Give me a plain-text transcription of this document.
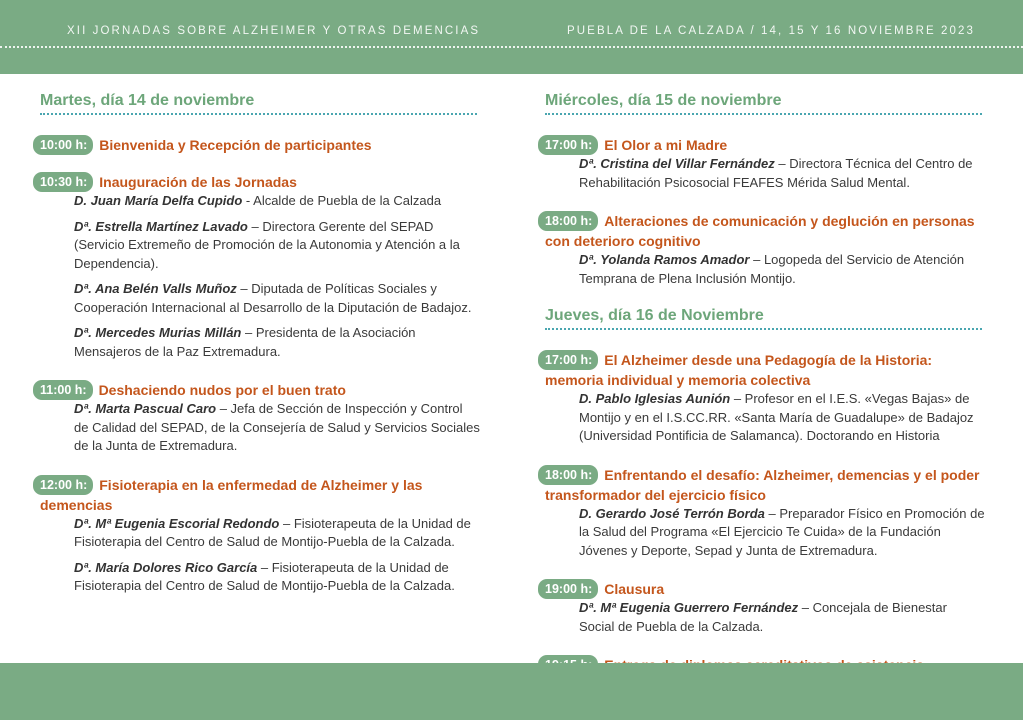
XII JORNADAS SOBRE ALZHEIMER Y OTRAS DEMENCIAS	PUEBLA DE LA CALZADA / 14, 15 Y 16 NOVIEMBRE 2023
Martes, día 14 de noviembre
10:00 h: Bienvenida y Recepción de participantes
10:30 h: Inauguración de las Jornadas
D. Juan María Delfa Cupido - Alcalde de Puebla de la Calzada
Dª. Estrella Martínez Lavado – Directora Gerente del SEPAD (Servicio Extremeño de Promoción de la Autonomia y Atención a la Dependencia).
Dª. Ana Belén Valls Muñoz – Diputada de Políticas Sociales y Cooperación Internacional al Desarrollo de la Diputación de Badajoz.
Dª. Mercedes Murias Millán – Presidenta de la Asociación Mensajeros de la Paz Extremadura.
11:00 h: Deshaciendo nudos por el buen trato
Dª. Marta Pascual Caro – Jefa de Sección de Inspección y Control de Calidad del SEPAD, de la Consejería de Salud y Servicios Sociales de la Junta de Extremadura.
12:00 h: Fisioterapia en la enfermedad de Alzheimer y las demencias
Dª. Mª Eugenia Escorial Redondo – Fisioterapeuta de la Unidad de Fisioterapia del Centro de Salud de Montijo-Puebla de la Calzada.
Dª. María Dolores Rico García – Fisioterapeuta de la Unidad de Fisioterapia del Centro de Salud de Montijo-Puebla de la Calzada.
Miércoles, día 15 de noviembre
17:00 h: El Olor a mi Madre
Dª. Cristina del Villar Fernández – Directora Técnica del Centro de Rehabilitación Psicosocial FEAFES Mérida Salud Mental.
18:00 h: Alteraciones de comunicación y deglución en personas con deterioro cognitivo
Dª. Yolanda Ramos Amador – Logopeda del Servicio de Atención Temprana de Plena Inclusión Montijo.
Jueves, día 16 de Noviembre
17:00 h: El Alzheimer desde una Pedagogía de la Historia: memoria individual y memoria colectiva
D. Pablo Iglesias Aunión – Profesor en el I.E.S. «Vegas Bajas» de Montijo y en el I.S.CC.RR. «Santa María de Guadalupe» de Badajoz (Universidad Pontificia de Salamanca). Doctorando en Historia
18:00 h: Enfrentando el desafío: Alzheimer, demencias y el poder transformador del ejercicio físico
D. Gerardo José Terrón Borda – Preparador Físico en Promoción de la Salud del Programa «El Ejercicio Te Cuida» de la Fundación Jóvenes y Deporte, Sepad y Junta de Extremadura.
19:00 h: Clausura
Dª. Mª Eugenia Guerrero Fernández – Concejala de Bienestar Social de Puebla de la Calzada.
